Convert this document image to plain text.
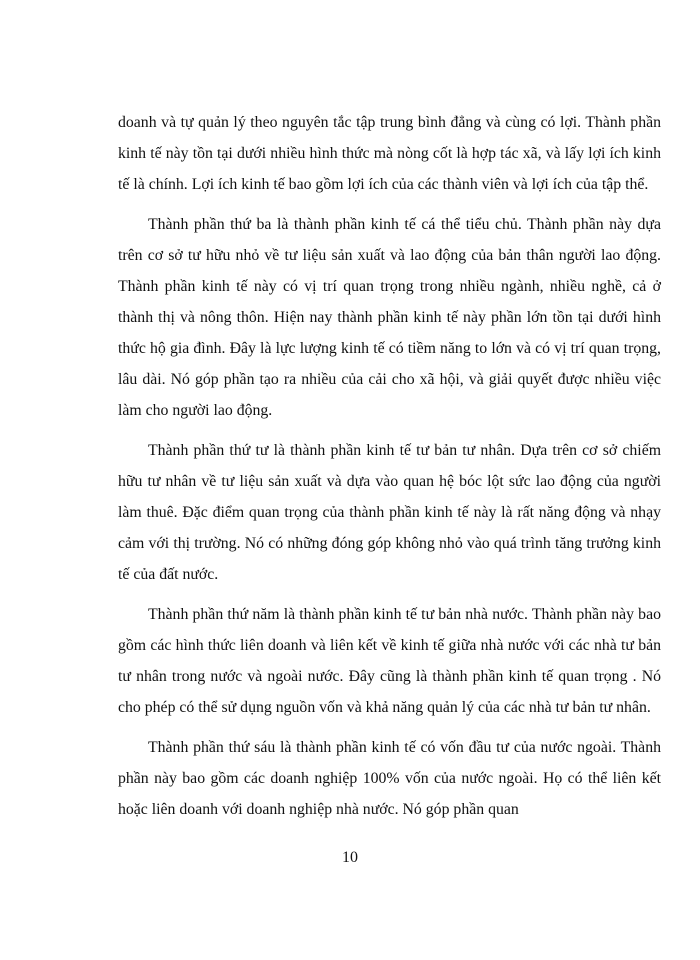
doanh và tự quản lý theo nguyên tắc tập trung bình đẳng và cùng có lợi. Thành phần kinh tế này tồn tại dưới nhiều hình thức mà nòng cốt là hợp tác xã, và lấy lợi ích kinh tế là chính. Lợi ích kinh tế bao gồm lợi ích của các thành viên và lợi ích của tập thể.

Thành phần thứ ba là thành phần kinh tế cá thể tiểu chủ. Thành phần này dựa trên cơ sở tư hữu nhỏ về tư liệu sản xuất và lao động của bản thân người lao động. Thành phần kinh tế này có vị trí quan trọng trong nhiều ngành, nhiều nghề, cả ở thành thị và nông thôn. Hiện nay thành phần kinh tế này phần lớn tồn tại dưới hình thức hộ gia đình. Đây là lực lượng kinh tế có tiềm năng to lớn và có vị trí quan trọng, lâu dài. Nó góp phần tạo ra nhiều của cải cho xã hội, và giải quyết được nhiều việc làm cho người lao động.

Thành phần thứ tư là thành phần kinh tế tư bản tư nhân. Dựa trên cơ sở chiếm hữu tư nhân về tư liệu sản xuất và dựa vào quan hệ bóc lột sức lao động của người làm thuê. Đặc điểm quan trọng của thành phần kinh tế này là rất năng động và nhạy cảm với thị trường. Nó có những đóng góp không nhỏ vào quá trình tăng trưởng kinh tế của đất nước.

Thành phần thứ năm là thành phần kinh tế tư bản nhà nước. Thành phần này bao gồm các hình thức liên doanh và liên kết về kinh tế giữa nhà nước với các nhà tư bản tư nhân trong nước và ngoài nước. Đây cũng là thành phần kinh tế quan trọng . Nó cho phép có thể sử dụng nguồn vốn và khả năng quản lý của các nhà tư bản tư nhân.

Thành phần thứ sáu là thành phần kinh tế có vốn đầu tư của nước ngoài. Thành phần này bao gồm các doanh nghiệp 100% vốn của nước ngoài. Họ có thể liên kết hoặc liên doanh với doanh nghiệp nhà nước. Nó góp phần quan

10
